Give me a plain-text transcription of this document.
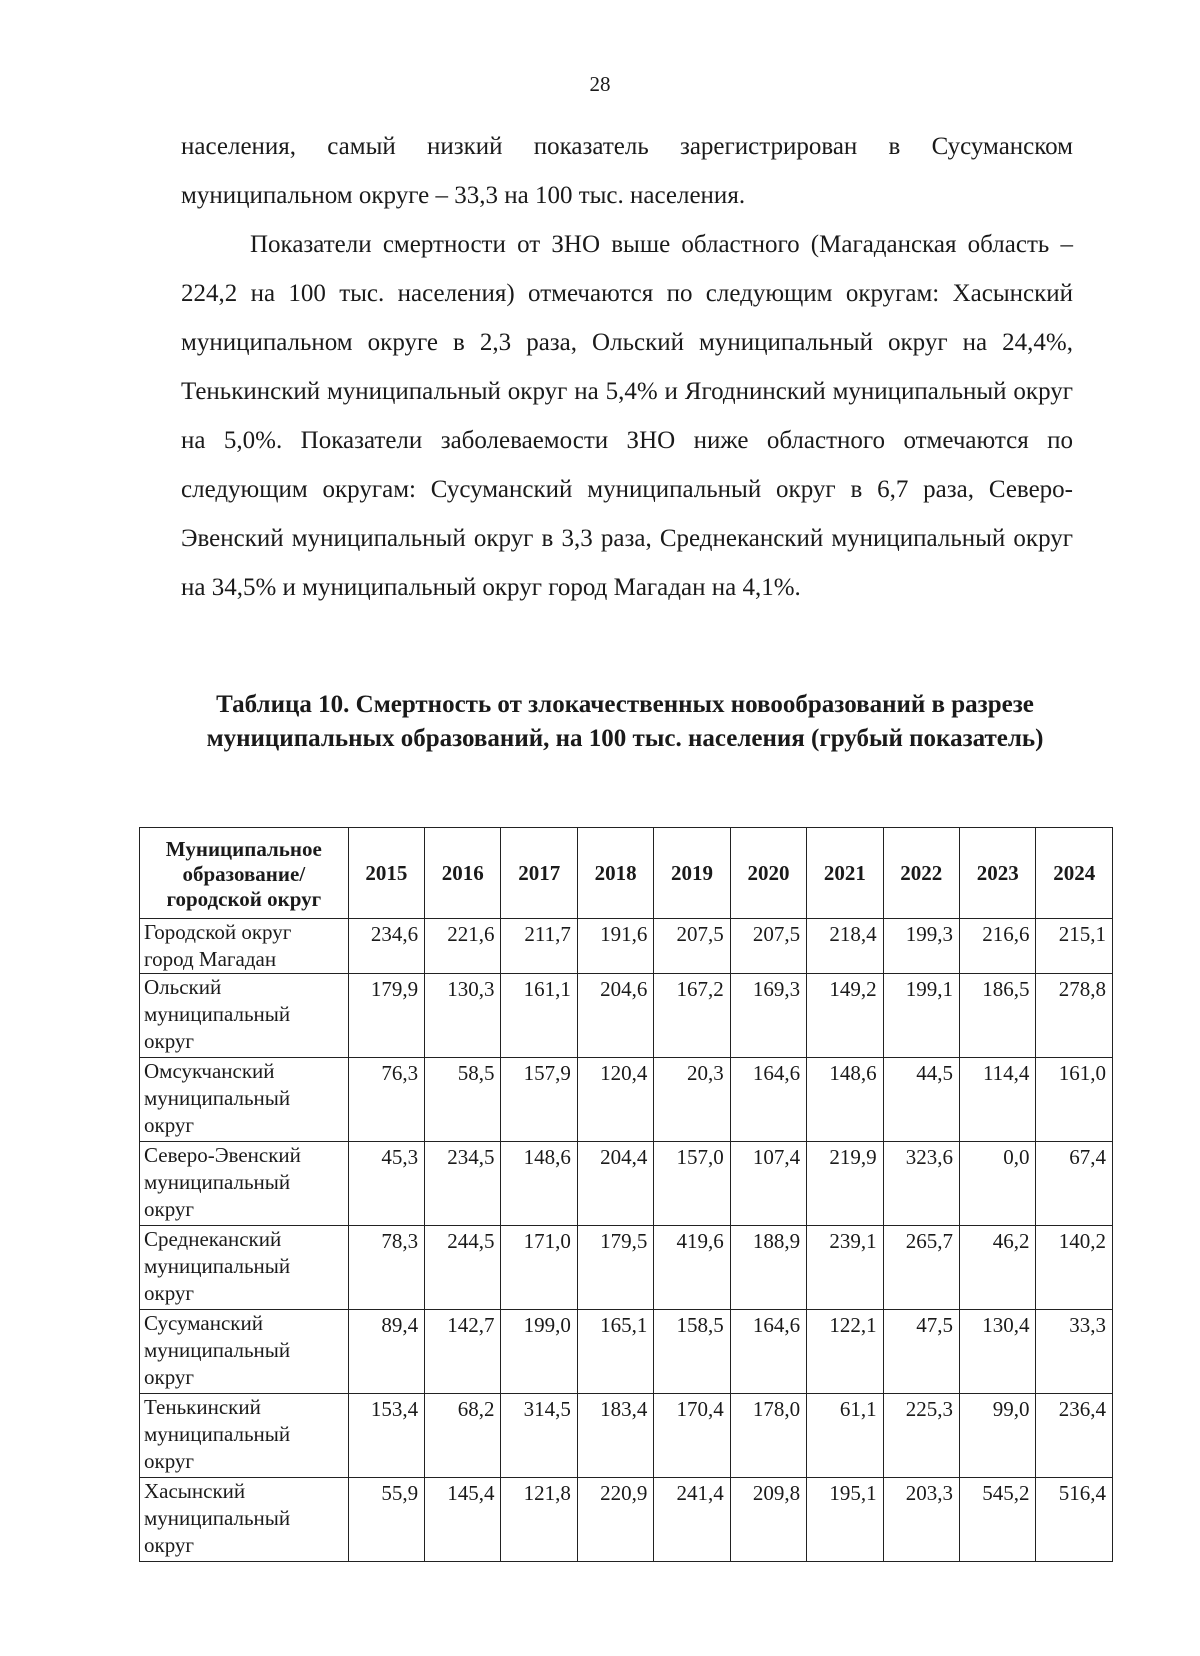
28

населения, самый низкий показатель зарегистрирован в Сусуманском муниципальном округе – 33,3 на 100 тыс. населения.

Показатели смертности от ЗНО выше областного (Магаданская область – 224,2 на 100 тыс. населения) отмечаются по следующим округам: Хасынский муниципальном округе в 2,3 раза, Ольский муниципальный округ на 24,4%, Тенькинский муниципальный округ на 5,4% и Ягоднинский муниципальный округ на 5,0%. Показатели заболеваемости ЗНО ниже областного отмечаются по следующим округам: Сусуманский муниципальный округ в 6,7 раза, Северо-Эвенский муниципальный округ в 3,3 раза, Среднеканский муниципальный округ на 34,5% и муниципальный округ город Магадан на 4,1%.

Таблица 10. Смертность от злокачественных новообразований в разрезе муниципальных образований, на 100 тыс. населения (грубый показатель)
Муниципальное образование/городской округ	2015	2016	2017	2018	2019	2020	2021	2022	2023	2024
Городской округ город Магадан	234,6	221,6	211,7	191,6	207,5	207,5	218,4	199,3	216,6	215,1
Ольский муниципальный округ	179,9	130,3	161,1	204,6	167,2	169,3	149,2	199,1	186,5	278,8
Омсукчанский муниципальный округ	76,3	58,5	157,9	120,4	20,3	164,6	148,6	44,5	114,4	161,0
Северо-Эвенский муниципальный округ	45,3	234,5	148,6	204,4	157,0	107,4	219,9	323,6	0,0	67,4
Среднеканский муниципальный округ	78,3	244,5	171,0	179,5	419,6	188,9	239,1	265,7	46,2	140,2
Сусуманский муниципальный округ	89,4	142,7	199,0	165,1	158,5	164,6	122,1	47,5	130,4	33,3
Тенькинский муниципальный округ	153,4	68,2	314,5	183,4	170,4	178,0	61,1	225,3	99,0	236,4
Хасынский муниципальный округ	55,9	145,4	121,8	220,9	241,4	209,8	195,1	203,3	545,2	516,4
